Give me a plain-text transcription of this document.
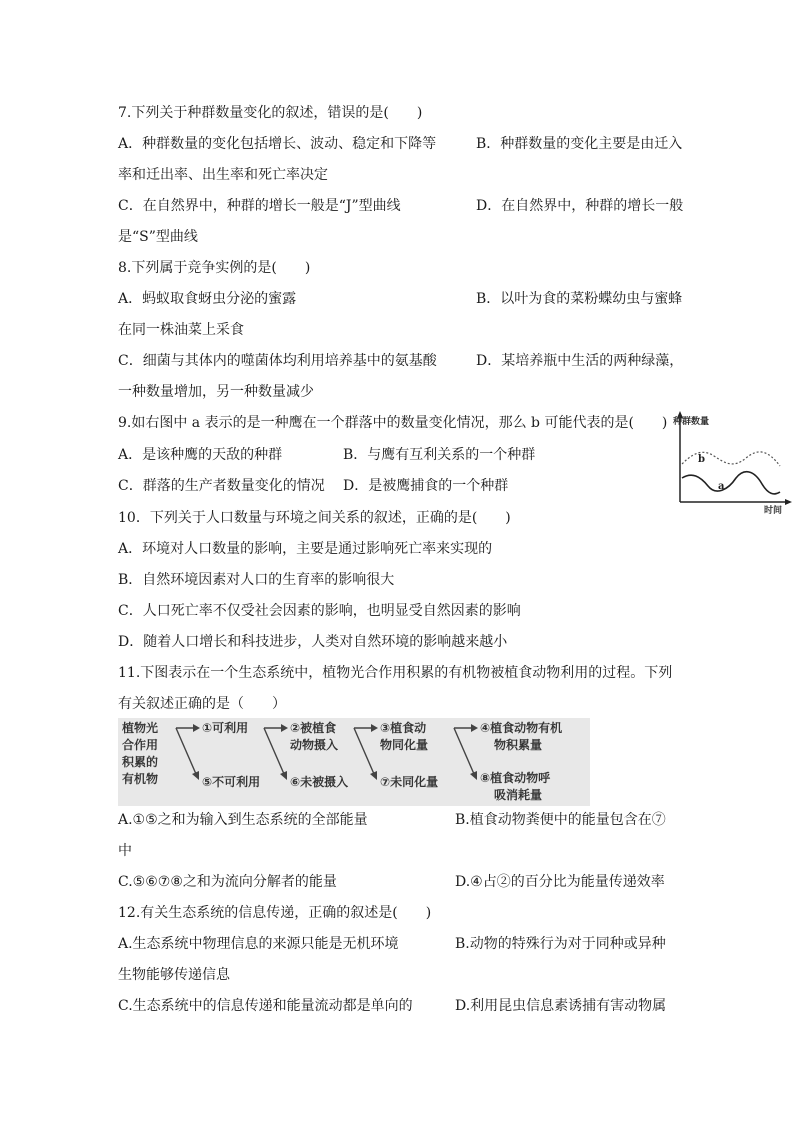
7.下列关于种群数量变化的叙述，错误的是(　　)
A．种群数量的变化包括增长、波动、稳定和下降等	B．种群数量的变化主要是由迁入
率和迁出率、出生率和死亡率决定
C．在自然界中，种群的增长一般是“J”型曲线	D．在自然界中，种群的增长一般
是“S”型曲线
8.下列属于竞争实例的是(　　)
A．蚂蚁取食蚜虫分泌的蜜露	B．以叶为食的菜粉蝶幼虫与蜜蜂
在同一株油菜上采食
C．细菌与其体内的噬菌体均利用培养基中的氨基酸	D．某培养瓶中生活的两种绿藻，
一种数量增加，另一种数量减少
9.如右图中 a 表示的是一种鹰在一个群落中的数量变化情况，那么 b 可能代表的是(　　)
A．是该种鹰的天敌的种群	B．与鹰有互利关系的一个种群
C．群落的生产者数量变化的情况 D．是被鹰捕食的一个种群
种群数量
时间
b
a
10．下列关于人口数量与环境之间关系的叙述，正确的是(　　)
A．环境对人口数量的影响，主要是通过影响死亡率来实现的
B．自然环境因素对人口的生育率的影响很大
C．人口死亡率不仅受社会因素的影响，也明显受自然因素的影响
D．随着人口增长和科技进步，人类对自然环境的影响越来越小
11.下图表示在一个生态系统中，植物光合作用积累的有机物被植食动物利用的过程。下列
有关叙述正确的是（　　）
植物光
合作用
积累的
有机物
①可利用
⑤不可利用
②被植食
动物摄入
⑥未被摄入
③植食动
物同化量
⑦未同化量
④植食动物有机
物积累量
⑧植食动物呼
吸消耗量
A.①⑤之和为输入到生态系统的全部能量	B.植食动物粪便中的能量包含在⑦
中
C.⑤⑥⑦⑧之和为流向分解者的能量	D.④占②的百分比为能量传递效率
12.有关生态系统的信息传递，正确的叙述是(　　)
A.生态系统中物理信息的来源只能是无机环境	B.动物的特殊行为对于同种或异种
生物能够传递信息
C.生态系统中的信息传递和能量流动都是单向的	D.利用昆虫信息素诱捕有害动物属
